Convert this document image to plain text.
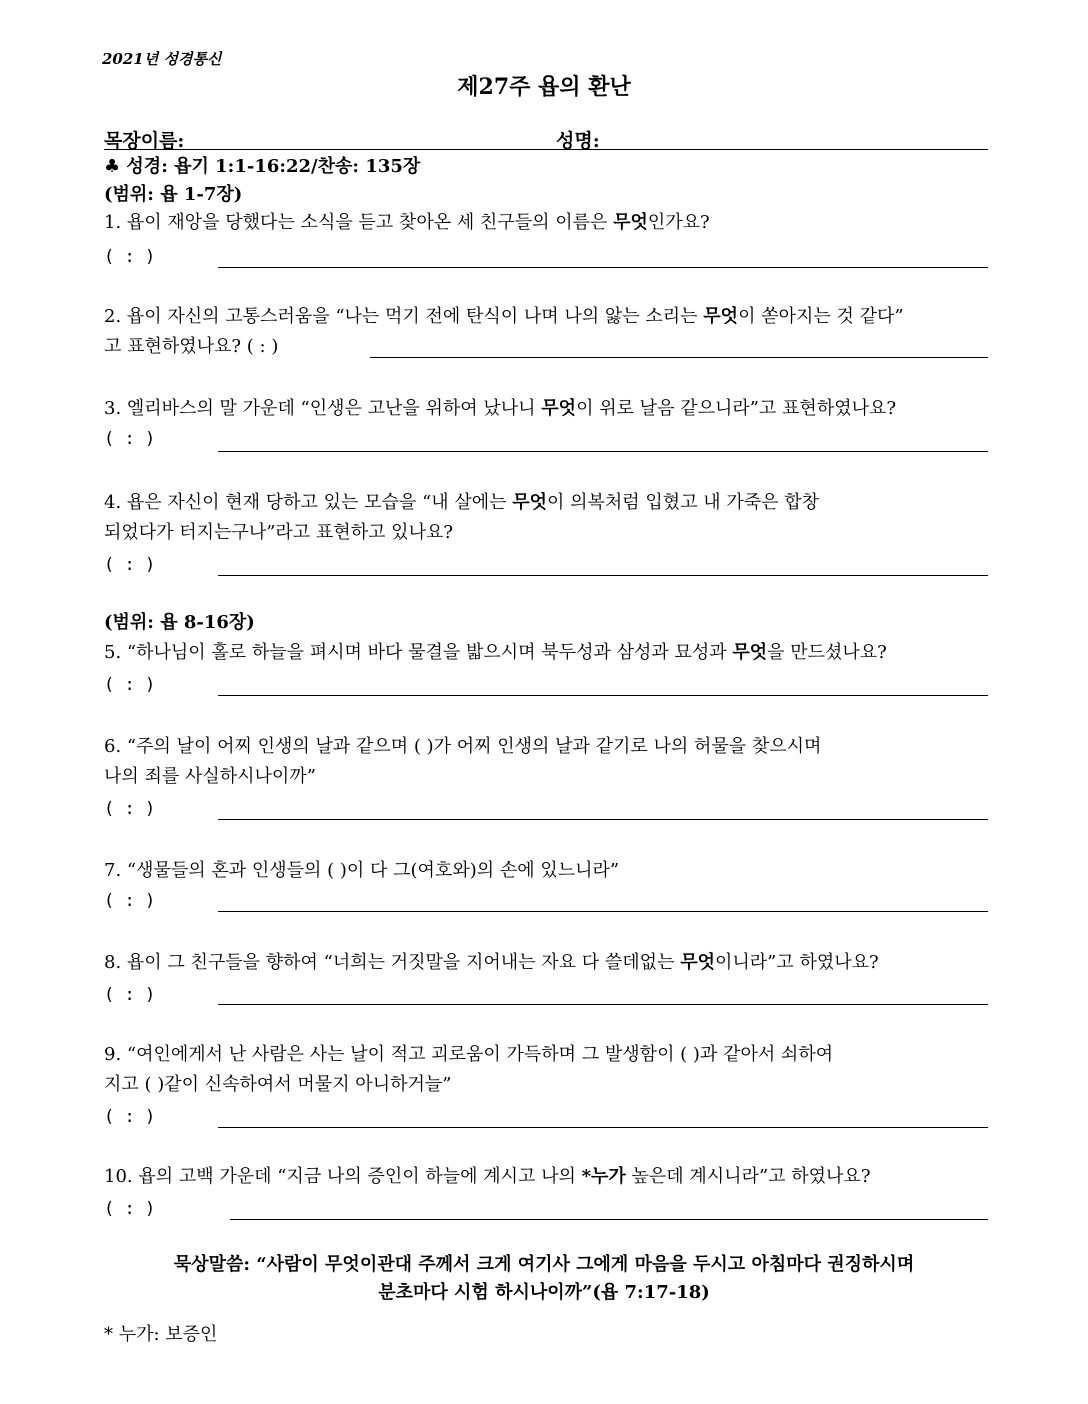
2021년 성경통신
제27주 욥의 환난
목장이름:	성명:
♣ 성경: 욥기 1:1-16:22/찬송: 135장
(범위: 욥 1-7장)
1. 욥이 재앙을 당했다는 소식을 듣고 찾아온 세 친구들의 이름은 무엇인가요?
( : )
2. 욥이 자신의 고통스러움을 “나는 먹기 전에 탄식이 나며 나의 앓는 소리는 무엇이 쏟아지는 것 같다”
고 표현하였나요? ( : )
3. 엘리바스의 말 가운데 “인생은 고난을 위하여 났나니 무엇이 위로 날음 같으니라”고 표현하였나요?
( : )
4. 욥은 자신이 현재 당하고 있는 모습을 “내 살에는 무엇이 의복처럼 입혔고 내 가죽은 합창
되었다가 터지는구나”라고 표현하고 있나요?
( : )
(범위: 욥 8-16장)
5. “하나님이 홀로 하늘을 펴시며 바다 물결을 밟으시며 북두성과 삼성과 묘성과 무엇을 만드셨나요?
( : )
6. “주의 날이 어찌 인생의 날과 같으며 ( )가 어찌 인생의 날과 같기로 나의 허물을 찾으시며
나의 죄를 사실하시나이까”
( : )
7. “생물들의 혼과 인생들의 ( )이 다 그(여호와)의 손에 있느니라”
( : )
8. 욥이 그 친구들을 향하여 “너희는 거짓말을 지어내는 자요 다 쓸데없는 무엇이니라”고 하였나요?
( : )
9. “여인에게서 난 사람은 사는 날이 적고 괴로움이 가득하며 그 발생함이 ( )과 같아서 쇠하여
지고 ( )같이 신속하여서 머물지 아니하거늘”
( : )
10. 욥의 고백 가운데 “지금 나의 증인이 하늘에 계시고 나의 *누가 높은데 계시니라”고 하였나요?
( : )
묵상말씀: “사람이 무엇이관대 주께서 크게 여기사 그에게 마음을 두시고 아침마다 권징하시며
분초마다 시험 하시나이까”(욥 7:17-18)
* 누가: 보증인
